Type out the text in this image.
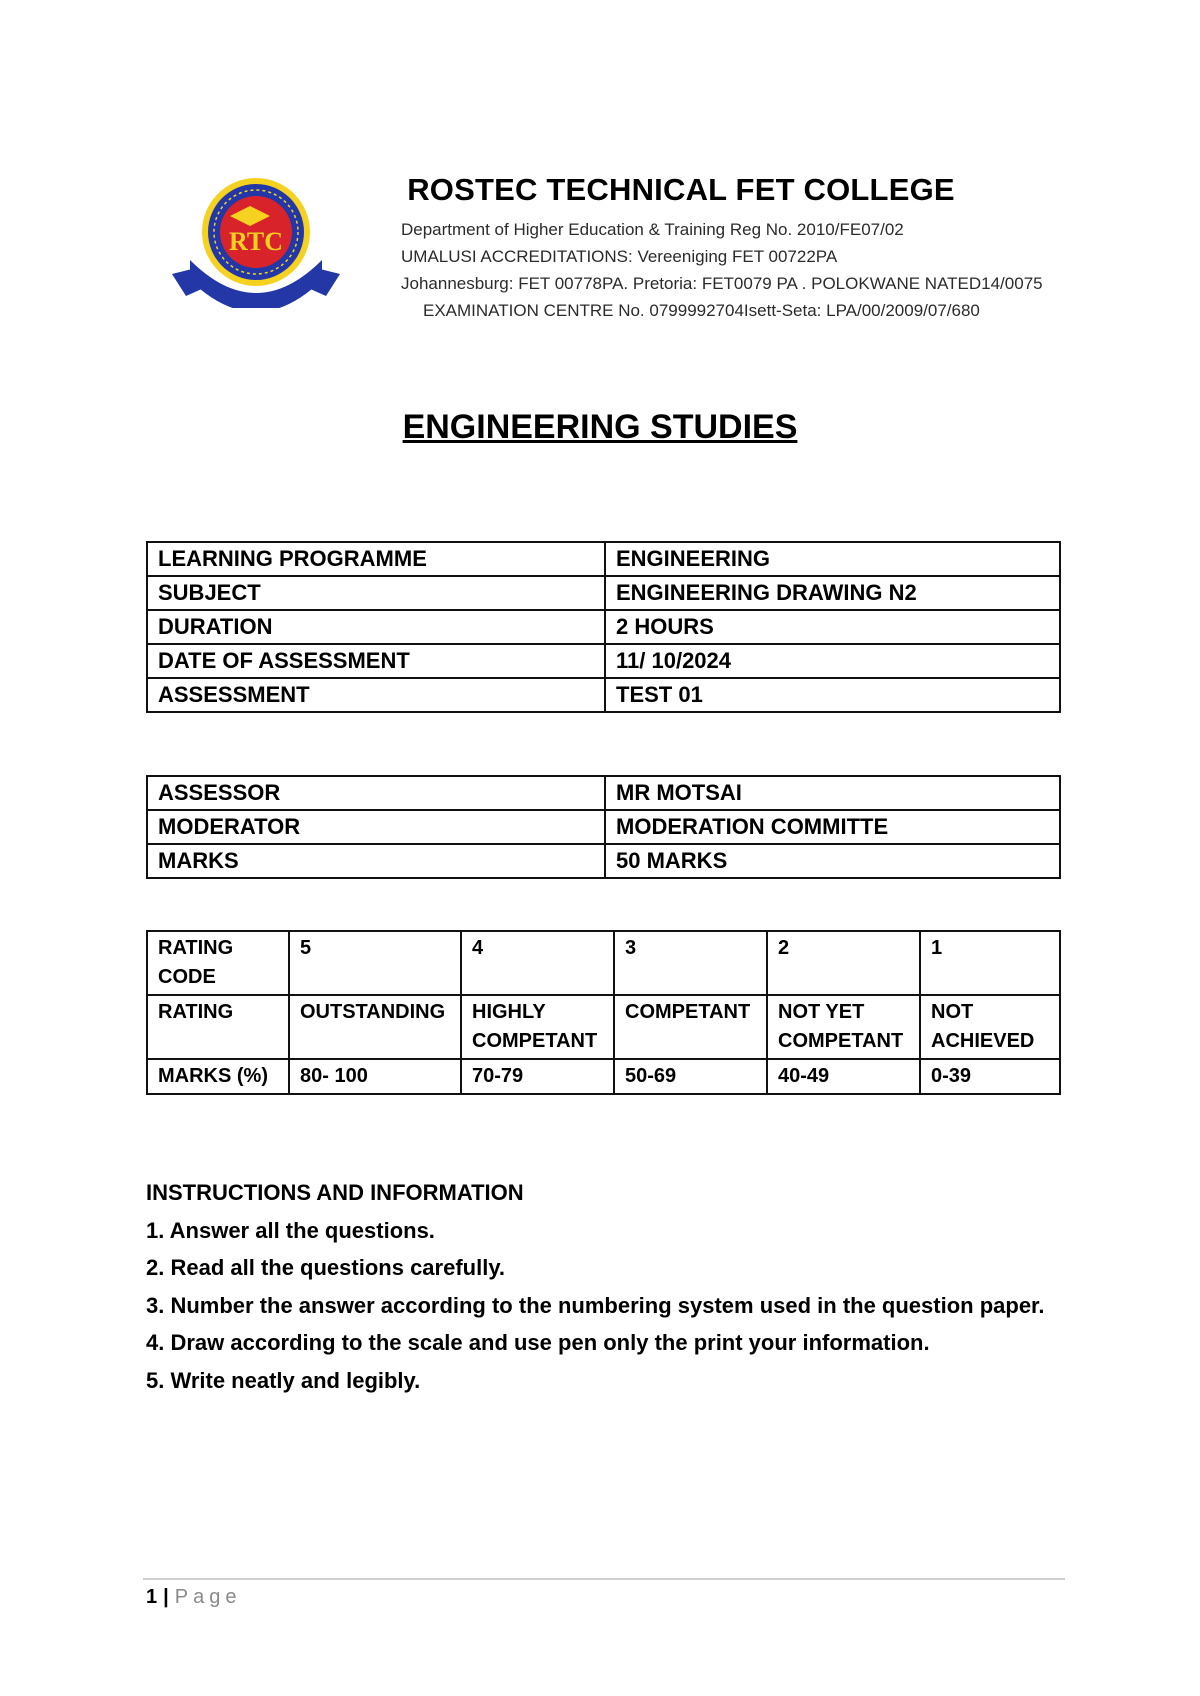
RTC
ROSTEC TECHNICAL FET COLLEGE
Department of Higher Education & Training Reg No. 2010/FE07/02
UMALUSI ACCREDITATIONS: Vereeniging FET 00722PA
Johannesburg: FET 00778PA. Pretoria: FET0079 PA . POLOKWANE NATED14/0075
EXAMINATION CENTRE No. 0799992704Isett-Seta: LPA/00/2009/07/680
ENGINEERING STUDIES
LEARNING PROGRAMME	ENGINEERING
SUBJECT	ENGINEERING DRAWING N2
DURATION	2 HOURS
DATE OF ASSESSMENT	11/ 10/2024
ASSESSMENT	TEST 01
ASSESSOR	MR MOTSAI
MODERATOR	MODERATION COMMITTE
MARKS	50 MARKS
RATING CODE	5	4	3	2	1
RATING	OUTSTANDING	HIGHLY COMPETANT	COMPETANT	NOT YET COMPETANT	NOT ACHIEVED
MARKS (%)	80- 100	70-79	50-69	40-49	0-39
INSTRUCTIONS AND INFORMATION
1. Answer all the questions.
2. Read all the questions carefully.
3. Number the answer according to the numbering system used in the question paper.
4. Draw according to the scale and use pen only the print your information.
5. Write neatly and legibly.
1 | Page
